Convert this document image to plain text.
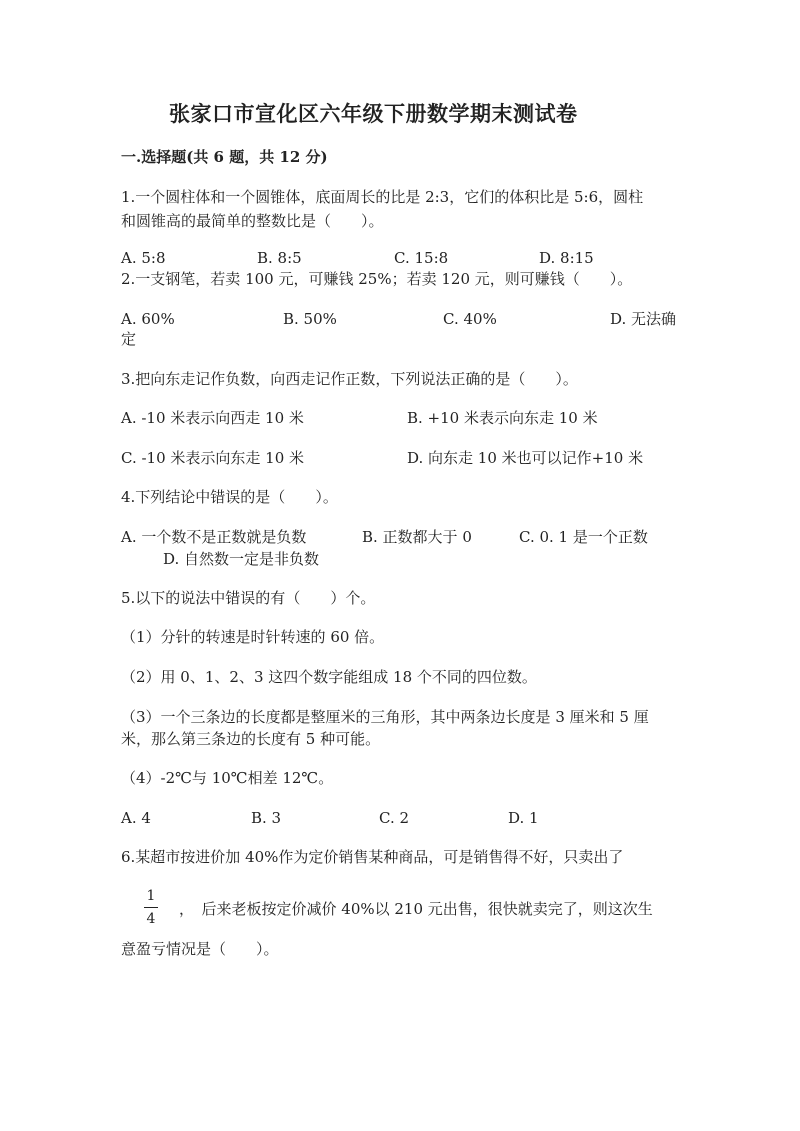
张家口市宣化区六年级下册数学期末测试卷
一.选择题(共 6 题，共 12 分)
1.一个圆柱体和一个圆锥体，底面周长的比是 2:3，它们的体积比是 5:6，圆柱
和圆锥高的最简单的整数比是（　　）。
A. 5:8	B. 8:5	C. 15:8	D. 8:15
2.一支钢笔，若卖 100 元，可赚钱 25%；若卖 120 元，则可赚钱（　　）。
A. 60%	B. 50%	C. 40%	D. 无法确
定
3.把向东走记作负数，向西走记作正数，下列说法正确的是（　　）。
A. -10 米表示向西走 10 米	B. +10 米表示向东走 10 米
C. -10 米表示向东走 10 米	D. 向东走 10 米也可以记作+10 米
4.下列结论中错误的是（　　）。
A. 一个数不是正数就是负数	B. 正数都大于 0	C. 0. 1 是一个正数
D. 自然数一定是非负数
5.以下的说法中错误的有（　　）个。
（1）分针的转速是时针转速的 60 倍。
（2）用 0、1、2、3 这四个数字能组成 18 个不同的四位数。
（3）一个三条边的长度都是整厘米的三角形，其中两条边长度是 3 厘米和 5 厘
米，那么第三条边的长度有 5 种可能。
（4）-2℃与 10℃相差 12℃。
A. 4	B. 3	C. 2	D. 1
6.某超市按进价加 40%作为定价销售某种商品，可是销售得不好，只卖出了
1
4
，　后来老板按定价减价 40%以 210 元出售，很快就卖完了，则这次生
意盈亏情况是（　　）。
